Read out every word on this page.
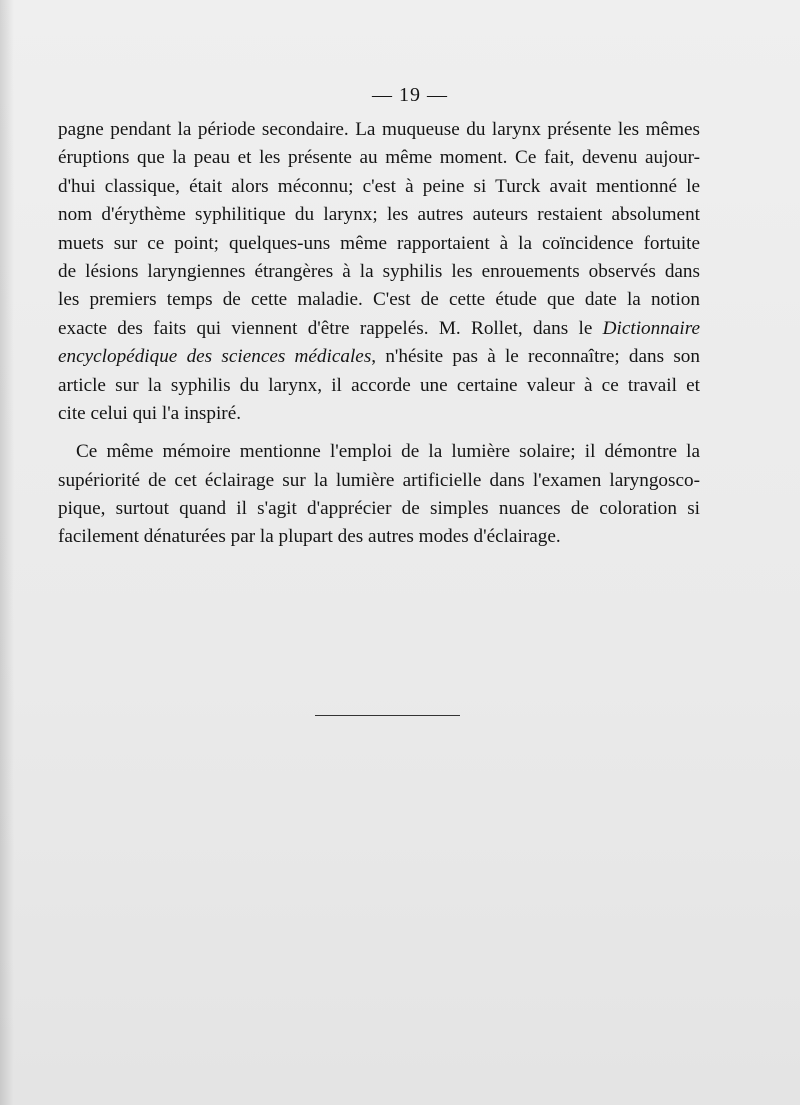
— 19 —
pagne pendant la période secondaire. La muqueuse du larynx présente les mêmes
éruptions que la peau et les présente au même moment. Ce fait, devenu aujour-
d'hui classique, était alors méconnu; c'est à peine si Turck avait mentionné le
nom d'érythème syphilitique du larynx; les autres auteurs restaient absolument
muets sur ce point; quelques-uns même rapportaient à la coïncidence fortuite
de lésions laryngiennes étrangères à la syphilis les enrouements observés dans
les premiers temps de cette maladie. C'est de cette étude que date la notion
exacte des faits qui viennent d'être rappelés. M. Rollet, dans le Dictionnaire
encyclopédique des sciences médicales, n'hésite pas à le reconnaître; dans son
article sur la syphilis du larynx, il accorde une certaine valeur à ce travail et
cite celui qui l'a inspiré.
Ce même mémoire mentionne l'emploi de la lumière solaire; il démontre la
supériorité de cet éclairage sur la lumière artificielle dans l'examen laryngosco-
pique, surtout quand il s'agit d'apprécier de simples nuances de coloration si
facilement dénaturées par la plupart des autres modes d'éclairage.
